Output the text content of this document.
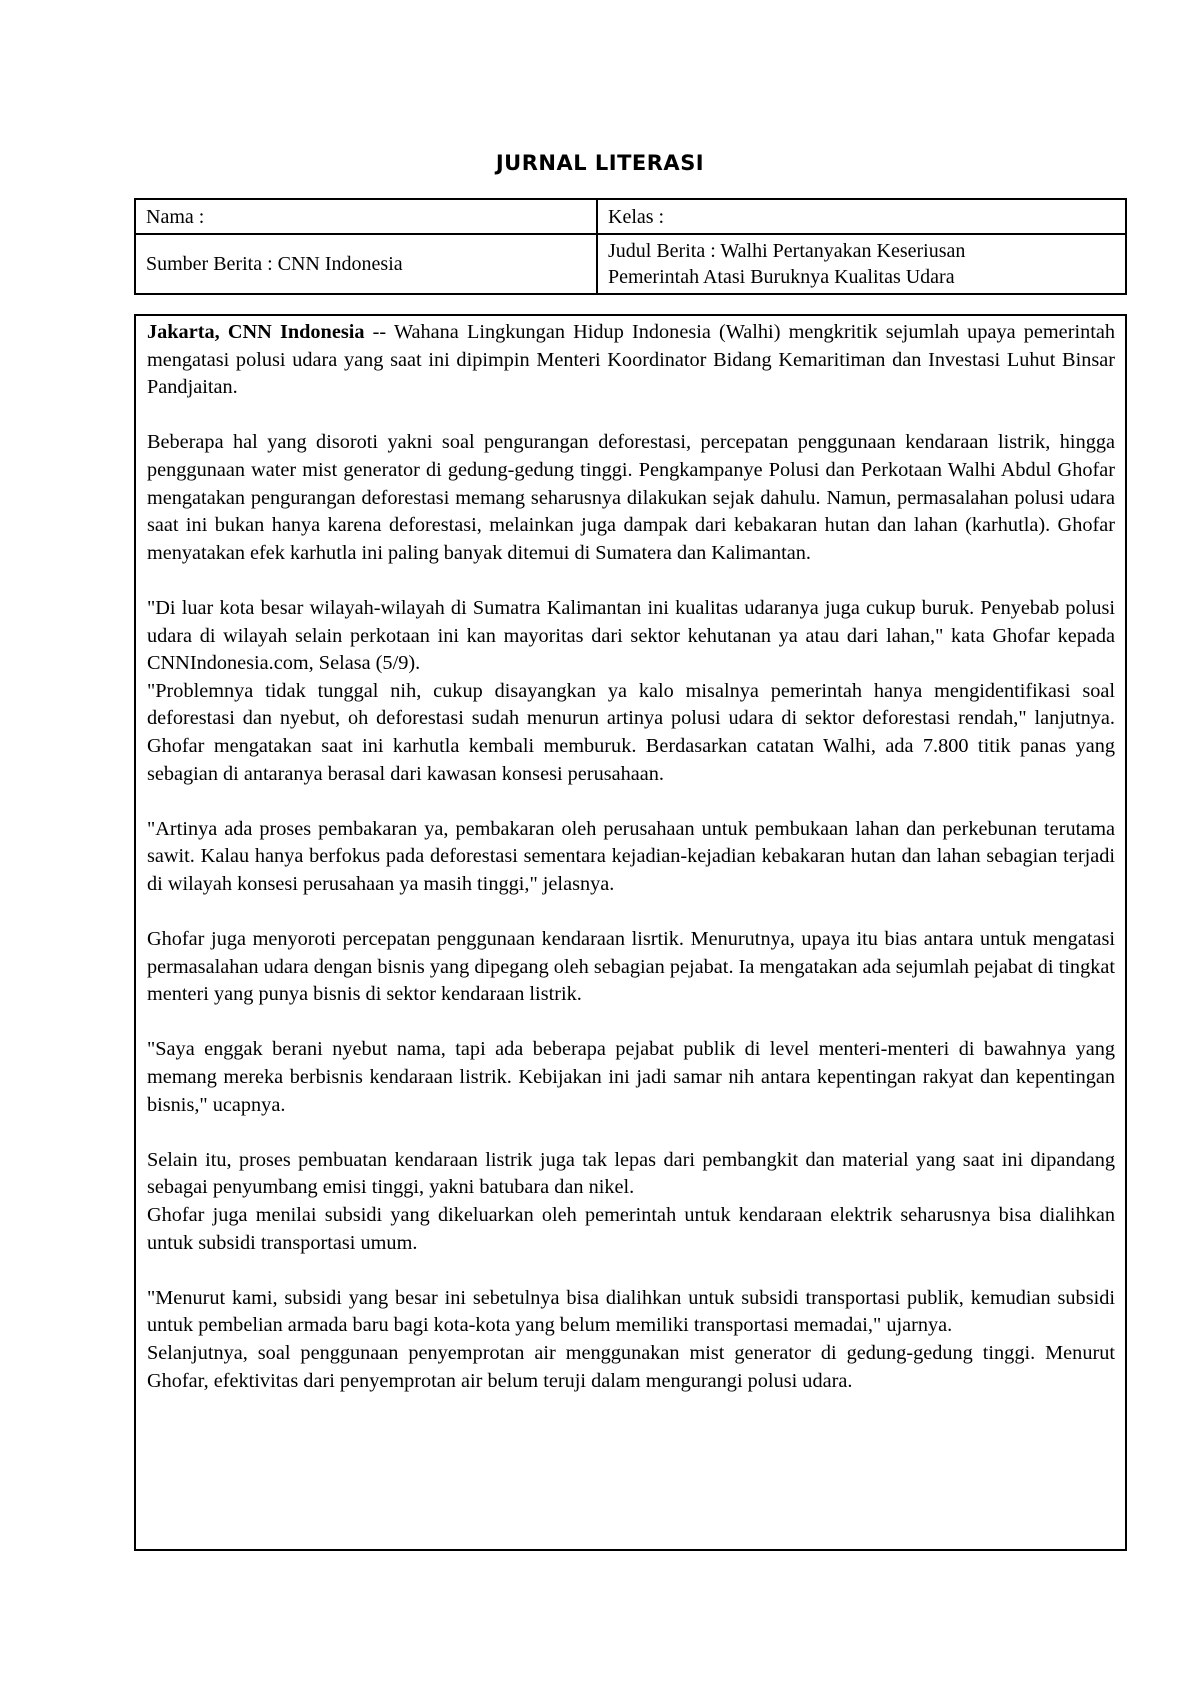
JURNAL LITERASI
Nama :	Kelas :
Sumber Berita : CNN Indonesia	Judul Berita : Walhi Pertanyakan Keseriusan
Pemerintah Atasi Buruknya Kualitas Udara

Jakarta, CNN Indonesia -- Wahana Lingkungan Hidup Indonesia (Walhi) mengkritik sejumlah upaya pemerintah mengatasi polusi udara yang saat ini dipimpin Menteri Koordinator Bidang Kemaritiman dan Investasi Luhut Binsar Pandjaitan.

Beberapa hal yang disoroti yakni soal pengurangan deforestasi, percepatan penggunaan kendaraan listrik, hingga penggunaan water mist generator di gedung-gedung tinggi. Pengkampanye Polusi dan Perkotaan Walhi Abdul Ghofar mengatakan pengurangan deforestasi memang seharusnya dilakukan sejak dahulu. Namun, permasalahan polusi udara saat ini bukan hanya karena deforestasi, melainkan juga dampak dari kebakaran hutan dan lahan (karhutla). Ghofar menyatakan efek karhutla ini paling banyak ditemui di Sumatera dan Kalimantan.

"Di luar kota besar wilayah-wilayah di Sumatra Kalimantan ini kualitas udaranya juga cukup buruk. Penyebab polusi udara di wilayah selain perkotaan ini kan mayoritas dari sektor kehutanan ya atau dari lahan," kata Ghofar kepada CNNIndonesia.com, Selasa (5/9).

"Problemnya tidak tunggal nih, cukup disayangkan ya kalo misalnya pemerintah hanya mengidentifikasi soal deforestasi dan nyebut, oh deforestasi sudah menurun artinya polusi udara di sektor deforestasi rendah," lanjutnya. Ghofar mengatakan saat ini karhutla kembali memburuk. Berdasarkan catatan Walhi, ada 7.800 titik panas yang sebagian di antaranya berasal dari kawasan konsesi perusahaan.

"Artinya ada proses pembakaran ya, pembakaran oleh perusahaan untuk pembukaan lahan dan perkebunan terutama sawit. Kalau hanya berfokus pada deforestasi sementara kejadian-kejadian kebakaran hutan dan lahan sebagian terjadi di wilayah konsesi perusahaan ya masih tinggi," jelasnya.

Ghofar juga menyoroti percepatan penggunaan kendaraan lisrtik. Menurutnya, upaya itu bias antara untuk mengatasi permasalahan udara dengan bisnis yang dipegang oleh sebagian pejabat. Ia mengatakan ada sejumlah pejabat di tingkat menteri yang punya bisnis di sektor kendaraan listrik.

"Saya enggak berani nyebut nama, tapi ada beberapa pejabat publik di level menteri-menteri di bawahnya yang memang mereka berbisnis kendaraan listrik. Kebijakan ini jadi samar nih antara kepentingan rakyat dan kepentingan bisnis," ucapnya.

Selain itu, proses pembuatan kendaraan listrik juga tak lepas dari pembangkit dan material yang saat ini dipandang sebagai penyumbang emisi tinggi, yakni batubara dan nikel.

Ghofar juga menilai subsidi yang dikeluarkan oleh pemerintah untuk kendaraan elektrik seharusnya bisa dialihkan untuk subsidi transportasi umum.

"Menurut kami, subsidi yang besar ini sebetulnya bisa dialihkan untuk subsidi transportasi publik, kemudian subsidi untuk pembelian armada baru bagi kota-kota yang belum memiliki transportasi memadai," ujarnya.

Selanjutnya, soal penggunaan penyemprotan air menggunakan mist generator di gedung-gedung tinggi. Menurut Ghofar, efektivitas dari penyemprotan air belum teruji dalam mengurangi polusi udara.
